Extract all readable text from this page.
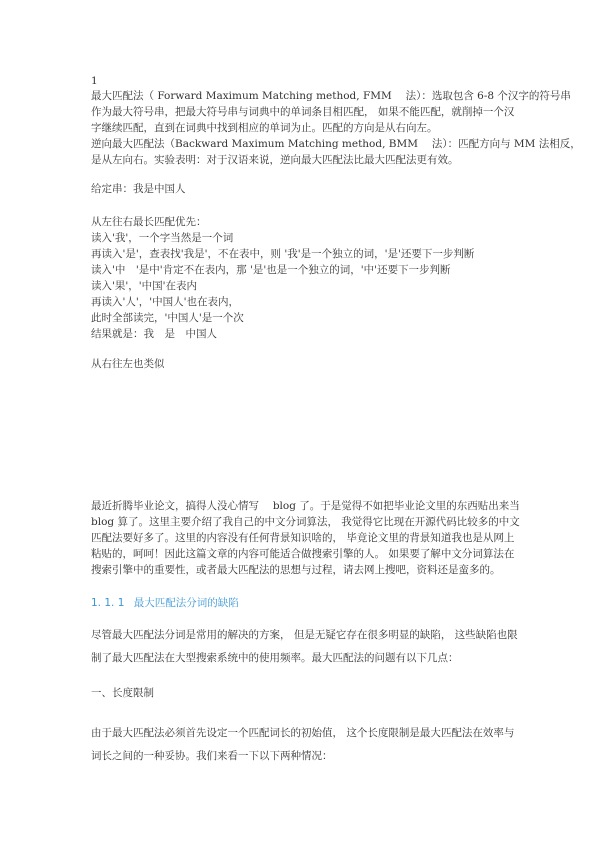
1
最大匹配法（ Forward Maximum Matching method, FMM　 法）：选取包含 6-8 个汉字的符号串
作为最大符号串，把最大符号串与词典中的单词条目相匹配， 如果不能匹配，就削掉一个汉
字继续匹配，直到在词典中找到相应的单词为止。匹配的方向是从右向左。
逆向最大匹配法（Backward Maximum Matching method, BMM　 法）：匹配方向与 MM 法相反，
是从左向右。实验表明：对于汉语来说，逆向最大匹配法比最大匹配法更有效。
给定串：我是中国人
从左往右最长匹配优先：
读入'我'，一个字当然是一个词
再读入'是'，查表找'我是'，不在表中，则 '我'是一个独立的词，'是'还要下一步判断
读入'中　'是中'肯定不在表内，那 '是'也是一个独立的词，'中'还要下一步判断
读入'果'，'中国'在表内
再读入'人'，'中国人'也在表内，
此时全部读完，'中国人'是一个次
结果就是：我　是　中国人
从右往左也类似
最近折腾毕业论文，搞得人没心情写　 blog 了。于是觉得不如把毕业论文里的东西贴出来当
blog 算了。这里主要介绍了我自己的中文分词算法， 我觉得它比现在开源代码比较多的中文
匹配法要好多了。这里的内容没有任何背景知识啥的， 毕竟论文里的背景知道我也是从网上
粘贴的，呵呵！因此这篇文章的内容可能适合做搜索引擎的人。 如果要了解中文分词算法在
搜索引擎中的重要性，或者最大匹配法的思想与过程，请去网上搜吧，资料还是蛮多的。
1. 1. 1 最大匹配法分词的缺陷
尽管最大匹配法分词是常用的解决的方案， 但是无疑它存在很多明显的缺陷， 这些缺陷也限
制了最大匹配法在大型搜索系统中的使用频率。最大匹配法的问题有以下几点：
一、长度限制
由于最大匹配法必须首先设定一个匹配词长的初始值， 这个长度限制是最大匹配法在效率与
词长之间的一种妥协。我们来看一下以下两种情况：
